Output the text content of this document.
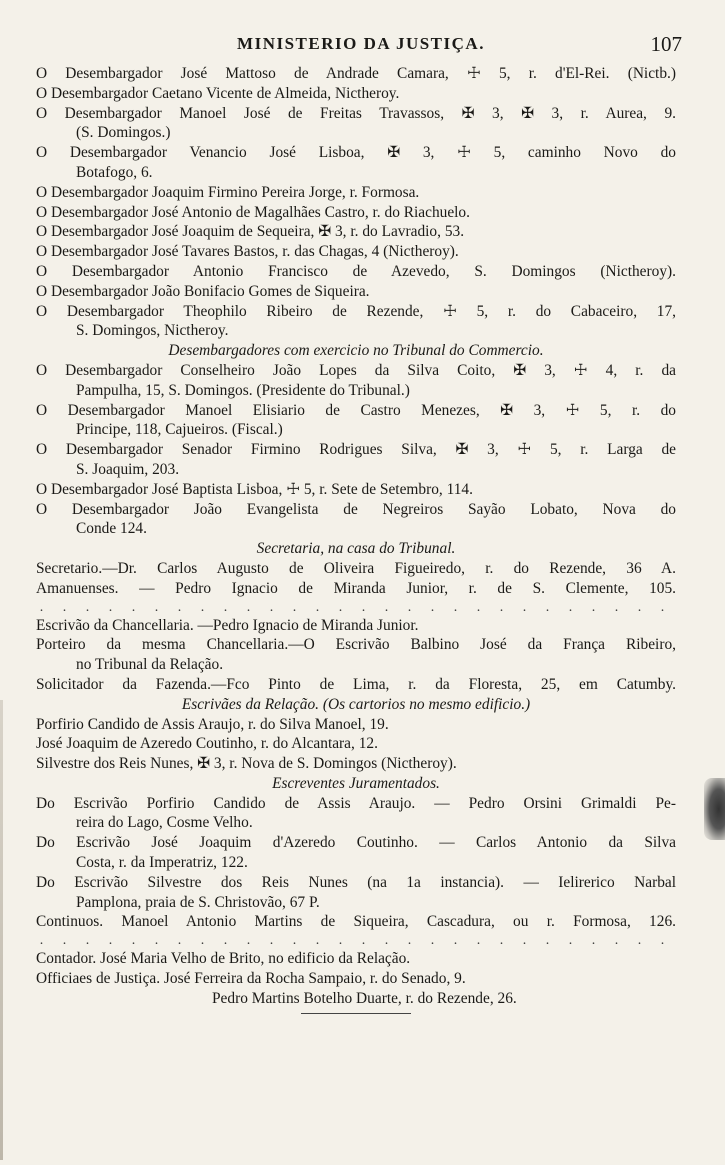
MINISTERIO DA JUSTIÇA.	107
O Desembargador José Mattoso de Andrade Camara, ☩ 5, r. d'El-Rei. (Nictb.)
O Desembargador Caetano Vicente de Almeida, Nictheroy.
O Desembargador Manoel José de Freitas Travassos, ✠ 3, ✠ 3, r. Aurea, 9.
(S. Domingos.)
O Desembargador Venancio José Lisboa, ✠ 3, ☩ 5, caminho Novo do
Botafogo, 6.
O Desembargador Joaquim Firmino Pereira Jorge, r. Formosa.
O Desembargador José Antonio de Magalhães Castro, r. do Riachuelo.
O Desembargador José Joaquim de Sequeira, ✠ 3, r. do Lavradio, 53.
O Desembargador José Tavares Bastos, r. das Chagas, 4 (Nictheroy).
O Desembargador Antonio Francisco de Azevedo, S. Domingos (Nictheroy).
O Desembargador João Bonifacio Gomes de Siqueira.
O Desembargador Theophilo Ribeiro de Rezende, ☩ 5, r. do Cabaceiro, 17,
S. Domingos, Nictheroy.
Desembargadores com exercicio no Tribunal do Commercio.
O Desembargador Conselheiro João Lopes da Silva Coito, ✠ 3, ☩ 4, r. da
Pampulha, 15, S. Domingos. (Presidente do Tribunal.)
O Desembargador Manoel Elisiario de Castro Menezes, ✠ 3, ☩ 5, r. do
Principe, 118, Cajueiros. (Fiscal.)
O Desembargador Senador Firmino Rodrigues Silva, ✠ 3, ☩ 5, r. Larga de
S. Joaquim, 203.
O Desembargador José Baptista Lisboa, ☩ 5, r. Sete de Setembro, 114.
O Desembargador João Evangelista de Negreiros Sayão Lobato, Nova do
Conde 124.
Secretaria, na casa do Tribunal.
Secretario.—Dr. Carlos Augusto de Oliveira Figueiredo, r. do Rezende, 36 A.
Amanuenses. — Pedro Ignacio de Miranda Junior, r. de S. Clemente, 105.
. . . . . . . . . . . . . . . . . . . . . . . . . . . .
Escrivão da Chancellaria. —Pedro Ignacio de Miranda Junior.
Porteiro da mesma Chancellaria.—O Escrivão Balbino José da França Ribeiro,
no Tribunal da Relação.
Solicitador da Fazenda.—Fco Pinto de Lima, r. da Floresta, 25, em Catumby.
Escrivães da Relação. (Os cartorios no mesmo edificio.)
Porfirio Candido de Assis Araujo, r. do Silva Manoel, 19.
José Joaquim de Azeredo Coutinho, r. do Alcantara, 12.
Silvestre dos Reis Nunes, ✠ 3, r. Nova de S. Domingos (Nictheroy).
Escreventes Juramentados.
Do Escrivão Porfirio Candido de Assis Araujo. — Pedro Orsini Grimaldi Pe-
reira do Lago, Cosme Velho.
Do Escrivão José Joaquim d'Azeredo Coutinho. — Carlos Antonio da Silva
Costa, r. da Imperatriz, 122.
Do Escrivão Silvestre dos Reis Nunes (na 1a instancia). — Ielirerico Narbal
Pamplona, praia de S. Christovão, 67 P.
Continuos. Manoel Antonio Martins de Siqueira, Cascadura, ou r. Formosa, 126.
. . . . . . . . . . . . . . . . . . . . . . . . . . . .
Contador. José Maria Velho de Brito, no edificio da Relação.
Officiaes de Justiça. José Ferreira da Rocha Sampaio, r. do Senado, 9.
Pedro Martins Botelho Duarte, r. do Rezende, 26.
